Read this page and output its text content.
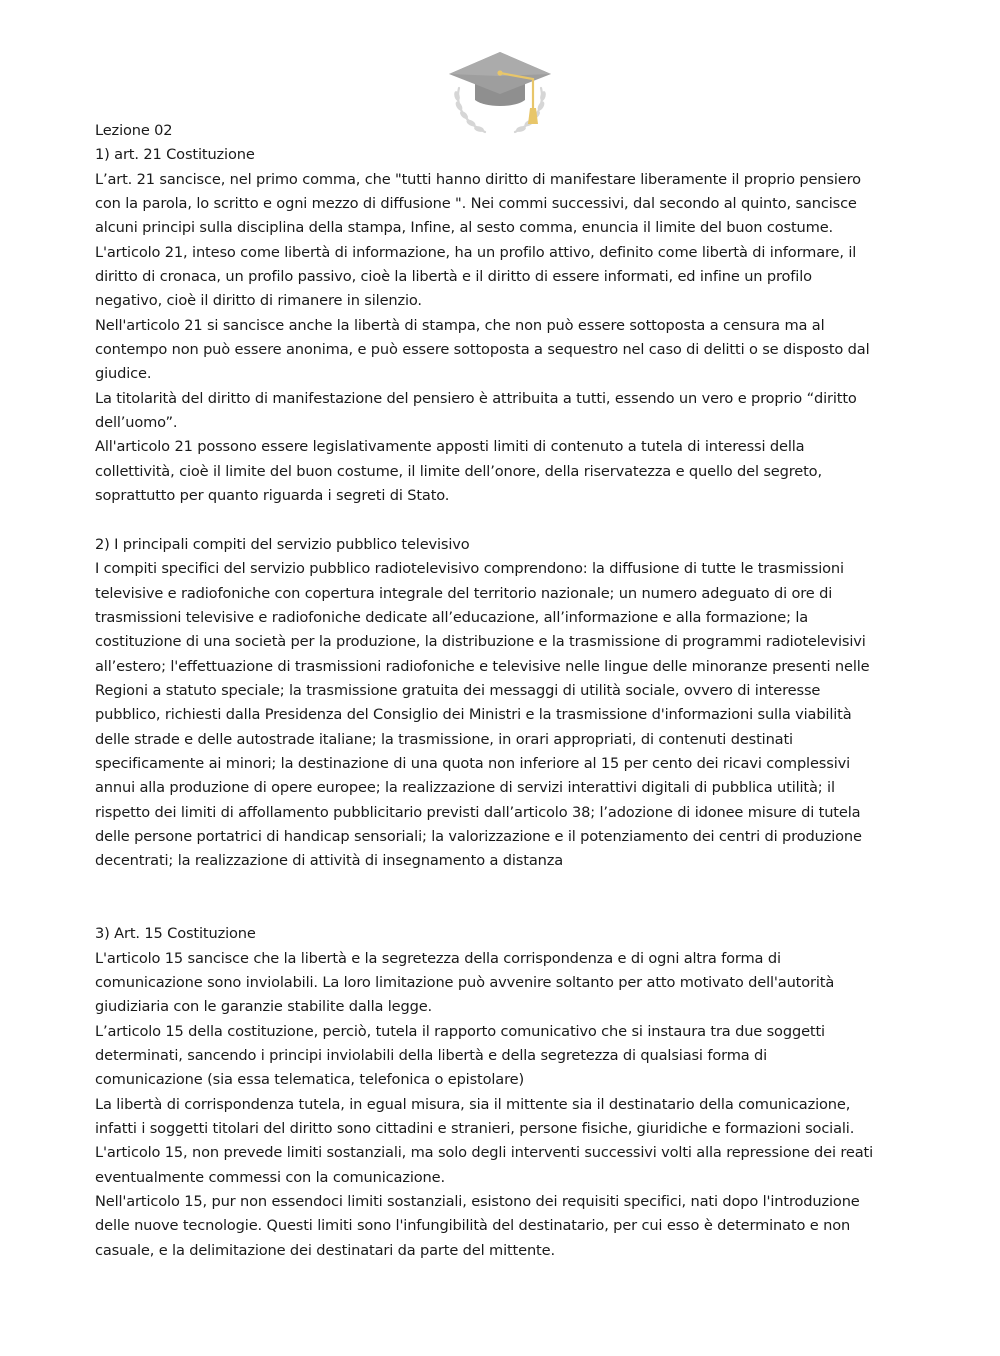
Lezione 02
1) art. 21 Costituzione
L’art. 21 sancisce, nel primo comma, che "tutti hanno diritto di manifestare liberamente il proprio pensiero
con la parola, lo scritto e ogni mezzo di diffusione ". Nei commi successivi, dal secondo al quinto, sancisce
alcuni principi sulla disciplina della stampa, Infine, al sesto comma, enuncia il limite del buon costume.
L'articolo 21, inteso come libertà di informazione, ha un profilo attivo, definito come libertà di informare, il
diritto di cronaca, un profilo passivo, cioè la libertà e il diritto di essere informati, ed infine un profilo
negativo, cioè il diritto di rimanere in silenzio.
Nell'articolo 21 si sancisce anche la libertà di stampa, che non può essere sottoposta a censura ma al
contempo non può essere anonima, e può essere sottoposta a sequestro nel caso di delitti o se disposto dal
giudice.
La titolarità del diritto di manifestazione del pensiero è attribuita a tutti, essendo un vero e proprio “diritto
dell’uomo”.
All'articolo 21 possono essere legislativamente apposti limiti di contenuto a tutela di interessi della
collettività, cioè il limite del buon costume, il limite dell’onore, della riservatezza e quello del segreto,
soprattutto per quanto riguarda i segreti di Stato.
2) I principali compiti del servizio pubblico televisivo
I compiti specifici del servizio pubblico radiotelevisivo comprendono: la diffusione di tutte le trasmissioni
televisive e radiofoniche con copertura integrale del territorio nazionale; un numero adeguato di ore di
trasmissioni televisive e radiofoniche dedicate all’educazione, all’informazione e alla formazione; la
costituzione di una società per la produzione, la distribuzione e la trasmissione di programmi radiotelevisivi
all’estero; l'effettuazione di trasmissioni radiofoniche e televisive nelle lingue delle minoranze presenti nelle
Regioni a statuto speciale; la trasmissione gratuita dei messaggi di utilità sociale, ovvero di interesse
pubblico, richiesti dalla Presidenza del Consiglio dei Ministri e la trasmissione d'informazioni sulla viabilità
delle strade e delle autostrade italiane; la trasmissione, in orari appropriati, di contenuti destinati
specificamente ai minori; la destinazione di una quota non inferiore al 15 per cento dei ricavi complessivi
annui alla produzione di opere europee; la realizzazione di servizi interattivi digitali di pubblica utilità; il
rispetto dei limiti di affollamento pubblicitario previsti dall’articolo 38; l’adozione di idonee misure di tutela
delle persone portatrici di handicap sensoriali; la valorizzazione e il potenziamento dei centri di produzione
decentrati; la realizzazione di attività di insegnamento a distanza
3) Art. 15 Costituzione
L'articolo 15 sancisce che la libertà e la segretezza della corrispondenza e di ogni altra forma di
comunicazione sono inviolabili. La loro limitazione può avvenire soltanto per atto motivato dell'autorità
giudiziaria con le garanzie stabilite dalla legge.
L’articolo 15 della costituzione, perciò, tutela il rapporto comunicativo che si instaura tra due soggetti
determinati, sancendo i principi inviolabili della libertà e della segretezza di qualsiasi forma di
comunicazione (sia essa telematica, telefonica o epistolare)
La libertà di corrispondenza tutela, in egual misura, sia il mittente sia il destinatario della comunicazione,
infatti i soggetti titolari del diritto sono cittadini e stranieri, persone fisiche, giuridiche e formazioni sociali.
L'articolo 15, non prevede limiti sostanziali, ma solo degli interventi successivi volti alla repressione dei reati
eventualmente commessi con la comunicazione.
Nell'articolo 15, pur non essendoci limiti sostanziali, esistono dei requisiti specifici, nati dopo l'introduzione
delle nuove tecnologie. Questi limiti sono l'infungibilità del destinatario, per cui esso è determinato e non
casuale, e la delimitazione dei destinatari da parte del mittente.
